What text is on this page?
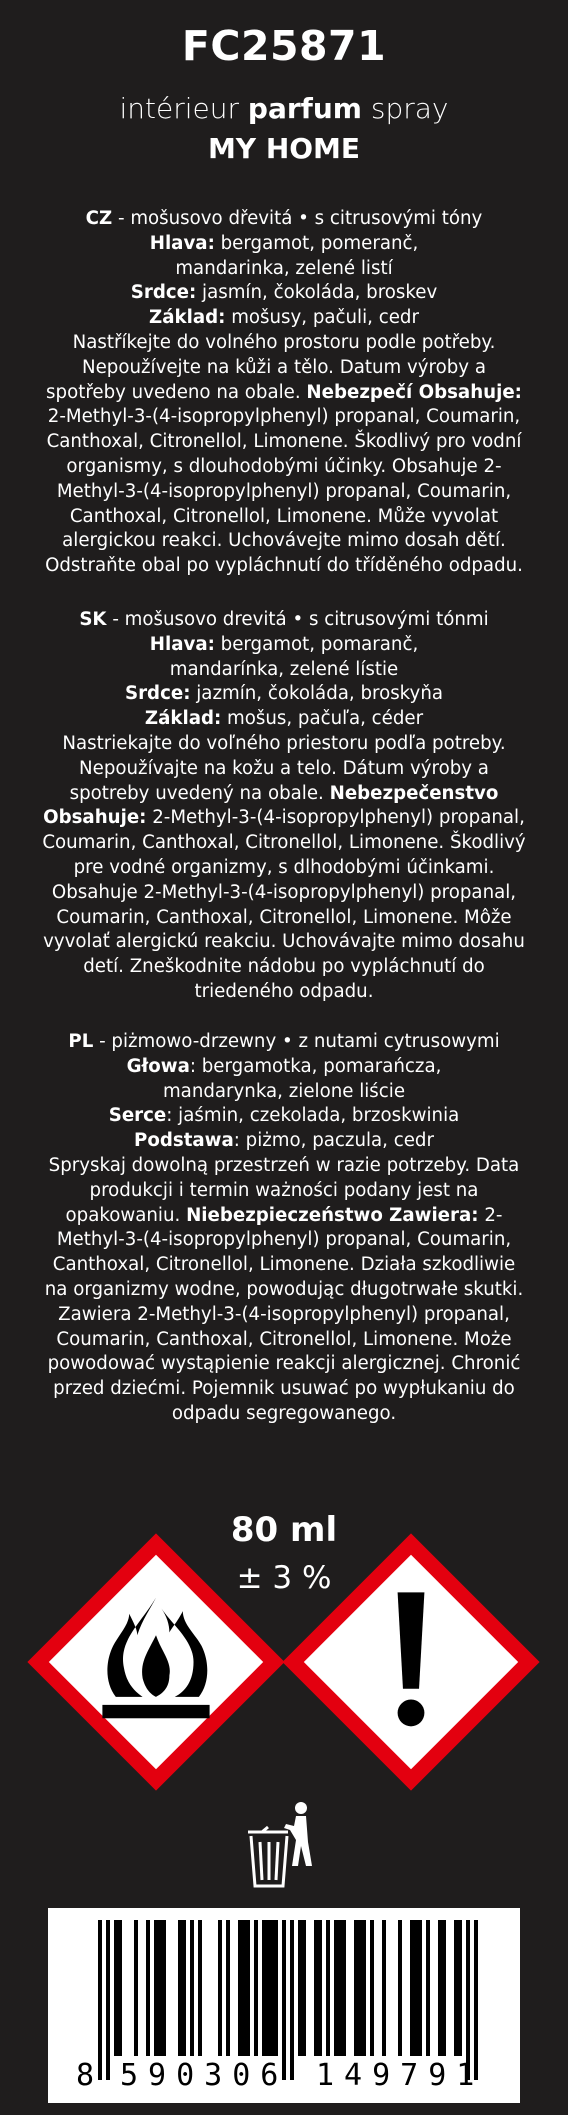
FC25871
intérieur parfum spray
MY HOME
CZ - mošusovo dřevitá • s citrusovými tóny
Hlava: bergamot, pomeranč, mandarinka, zelené listí
Srdce: jasmín, čokoláda, broskev
Základ: mošusy, pačuli, cedr
Nastříkejte do volného prostoru podle potřeby. Nepoužívejte na kůži a tělo. Datum výroby a spotřeby uvedeno na obale. Nebezpečí Obsahuje: 2-Methyl-3-(4-isopropylphenyl) propanal, Coumarin, Canthoxal, Citronellol, Limonene. Škodlivý pro vodní organismy, s dlouhodobými účinky. Obsahuje 2-Methyl-3-(4-isopropylphenyl) propanal, Coumarin, Canthoxal, Citronellol, Limonene. Může vyvolat alergickou reakci. Uchovávejte mimo dosah dětí. Odstraňte obal po vypláchnutí do tříděného odpadu.
SK - mošusovo drevitá • s citrusovými tónmi
Hlava: bergamot, pomaranč, mandarínka, zelené lístie
Srdce: jazmín, čokoláda, broskyňa
Základ: mošus, pačuľa, céder
Nastriekajte do voľného priestoru podľa potreby. Nepoužívajte na kožu a telo. Dátum výroby a spotreby uvedený na obale. Nebezpečenstvo Obsahuje: 2-Methyl-3-(4-isopropylphenyl) propanal, Coumarin, Canthoxal, Citronellol, Limonene. Škodlivý pre vodné organizmy, s dlhodobými účinkami. Obsahuje 2-Methyl-3-(4-isopropylphenyl) propanal, Coumarin, Canthoxal, Citronellol, Limonene. Môže vyvolať alergickú reakciu. Uchovávajte mimo dosahu detí. Zneškodnite nádobu po vypláchnutí do triedeného odpadu.
PL - piżmowo-drzewny • z nutami cytrusowymi
Głowa: bergamotka, pomarańcza, mandarynka, zielone liście
Serce: jaśmin, czekolada, brzoskwinia
Podstawa: piżmo, paczula, cedr
Spryskaj dowolną przestrzeń w razie potrzeby. Data produkcji i termin ważności podany jest na opakowaniu. Niebezpieczeństwo Zawiera: 2-Methyl-3-(4-isopropylphenyl) propanal, Coumarin, Canthoxal, Citronellol, Limonene. Działa szkodliwie na organizmy wodne, powodując długotrwałe skutki. Zawiera 2-Methyl-3-(4-isopropylphenyl) propanal, Coumarin, Canthoxal, Citronellol, Limonene. Może powodować wystąpienie reakcji alergicznej. Chronić przed dziećmi. Pojemnik usuwać po wypłukaniu do odpadu segregowanego.
80 ml
± 3 %
8 590306 149791
